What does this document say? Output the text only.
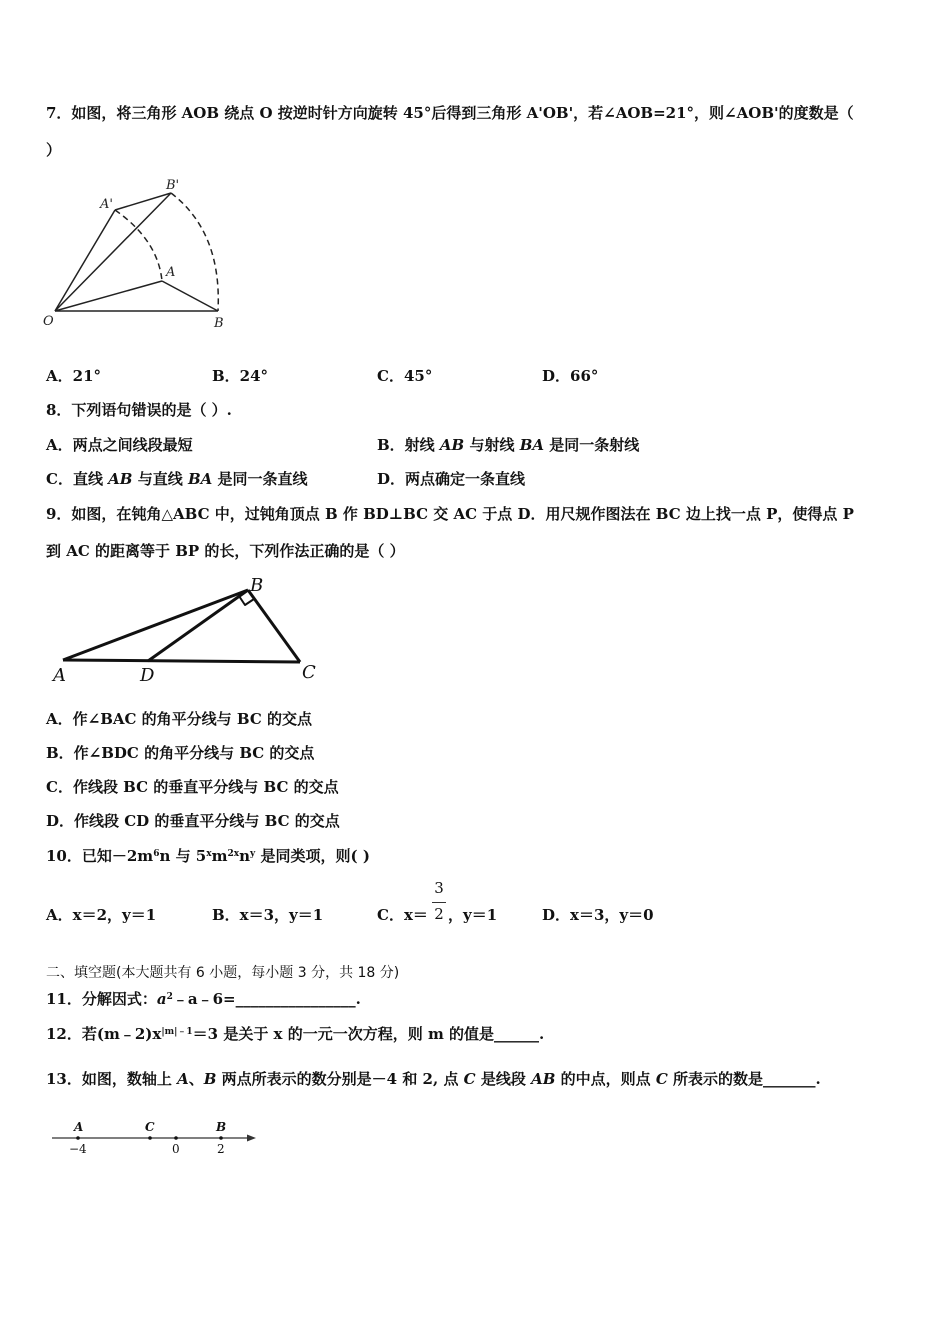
7．如图，将三角形 AOB 绕点 O 按逆时针方向旋转 45°后得到三角形 A'OB'，若∠AOB=21°，则∠AOB'的度数是（
）
A'
B'
A
O	B
A．21°	B．24°	C．45°	D．66°
8．下列语句错误的是（ ）.
A．两点之间线段最短	B．射线 AB 与射线 BA 是同一条射线
C．直线 AB 与直线 BA 是同一条直线	D．两点确定一条直线
9．如图，在钝角△ABC 中，过钝角顶点 B 作 BD⊥BC 交 AC 于点 D．用尺规作图法在 BC 边上找一点 P，使得点 P
到 AC 的距离等于 BP 的长，下列作法正确的是（ ）
A
B
C
D
A．作∠BAC 的角平分线与 BC 的交点
B．作∠BDC 的角平分线与 BC 的交点
C．作线段 BC 的垂直平分线与 BC 的交点
D．作线段 CD 的垂直平分线与 BC 的交点
10．已知$-2m^6n$ 与 $5^xm^{2x}n^y$ 是同类项，则( )
A．x＝2，y＝1	B．x＝3，y＝1	C．x＝
3
2 ，y＝1	D．x＝3，y＝0
二、填空题(本大题共有 6 小题，每小题 3 分，共 18 分)
11．分解因式：$a^2﹣a﹣6=\_\_\_\_\_\_\_\_\_\_\_\_\_\_\_\_$.
12．若$(m﹣2)x^{|m|﹣1}=3$ 是关于 x 的一元一次方程，则 m 的值是______.
13．如图，数轴上 A、B 两点所表示的数分别是－4 和 2, 点 C 是线段 AB 的中点，则点 C 所表示的数是_______.
A	C	B
−4	0	2
